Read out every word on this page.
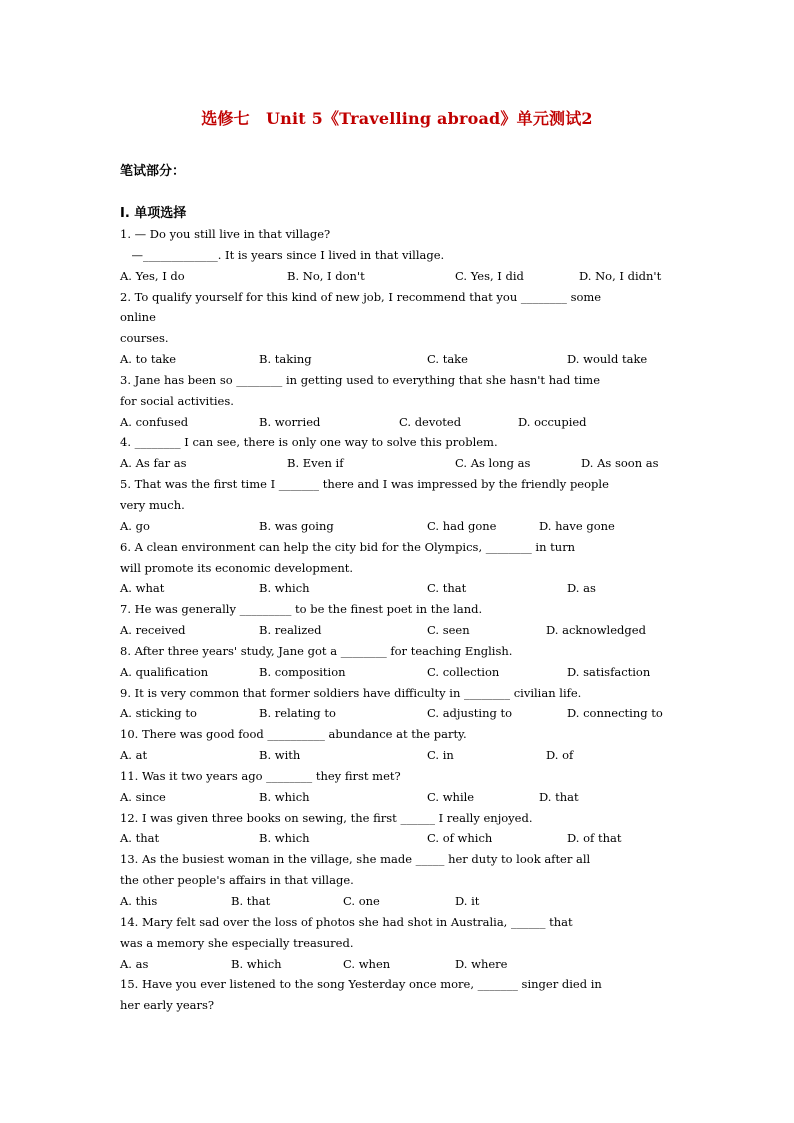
选修七　Unit 5《Travelling abroad》单元测试2
笔试部分：
I. 单项选择
1. — Do you still live in that village?
　—_____________. It is years since I lived in that village.
A. Yes, I do	B. No, I don't	C. Yes, I did	D. No, I didn't
2. To qualify yourself for this kind of new job, I recommend that you ________ some
online
courses.
A. to take	B. taking	C. take	D. would take
3. Jane has been so ________ in getting used to everything that she hasn't had time
for social activities.
A. confused	B. worried	C. devoted	D. occupied
4. ________ I can see, there is only one way to solve this problem.
A. As far as	B. Even if	C. As long as	D. As soon as
5. That was the first time I _______ there and I was impressed by the friendly people
very much.
A. go	B. was going	C. had gone	D. have gone
6. A clean environment can help the city bid for the Olympics, ________ in turn
will promote its economic development.
A. what	B. which	C. that	D. as
7. He was generally _________ to be the finest poet in the land.
A. received	B. realized	C. seen	D. acknowledged
8. After three years' study, Jane got a ________ for teaching English.
A. qualification	B. composition	C. collection	D. satisfaction
9. It is very common that former soldiers have difficulty in ________ civilian life.
A. sticking to	B. relating to	C. adjusting to	D. connecting to
10. There was good food __________ abundance at the party.
A. at	B. with	C. in	D. of
11. Was it two years ago ________ they first met?
A. since	B. which	C. while	D. that
12. I was given three books on sewing, the first ______ I really enjoyed.
A. that	B. which	C. of which	D. of that
13. As the busiest woman in the village, she made _____ her duty to look after all
the other people's affairs in that village.
A. this	B. that	C. one	D. it
14. Mary felt sad over the loss of photos she had shot in Australia, ______ that
was a memory she especially treasured.
A. as	B. which	C. when	D. where
15. Have you ever listened to the song Yesterday once more, _______ singer died in
her early years?
